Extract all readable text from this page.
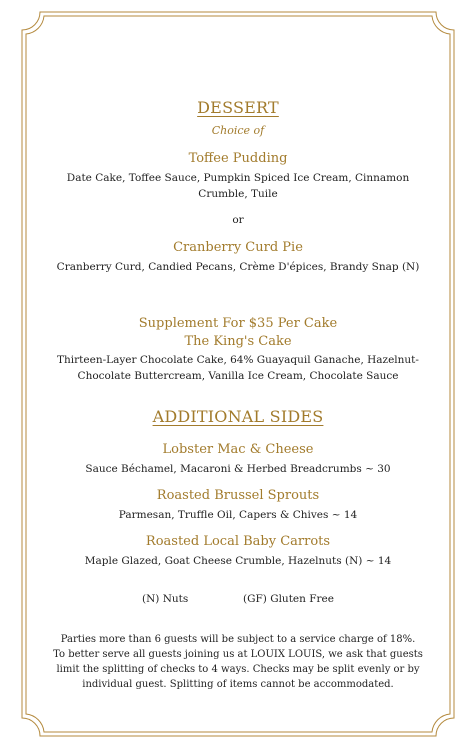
DESSERT
Choice of
Toffee Pudding
Date Cake, Toffee Sauce, Pumpkin Spiced Ice Cream, Cinnamon
Crumble, Tuile
or
Cranberry Curd Pie
Cranberry Curd, Candied Pecans, Crème D'épices, Brandy Snap (N)
Supplement For $35 Per Cake
The King's Cake
Thirteen-Layer Chocolate Cake, 64% Guayaquil Ganache, Hazelnut-
Chocolate Buttercream, Vanilla Ice Cream, Chocolate Sauce
ADDITIONAL SIDES
Lobster Mac & Cheese
Sauce Béchamel, Macaroni & Herbed Breadcrumbs ~ 30
Roasted Brussel Sprouts
Parmesan, Truffle Oil, Capers & Chives ~ 14
Roasted Local Baby Carrots
Maple Glazed, Goat Cheese Crumble, Hazelnuts (N) ~ 14
(N) Nuts	(GF) Gluten Free
Parties more than 6 guests will be subject to a service charge of 18%.
To better serve all guests joining us at LOUIX LOUIS, we ask that guests
limit the splitting of checks to 4 ways. Checks may be split evenly or by
individual guest. Splitting of items cannot be accommodated.
